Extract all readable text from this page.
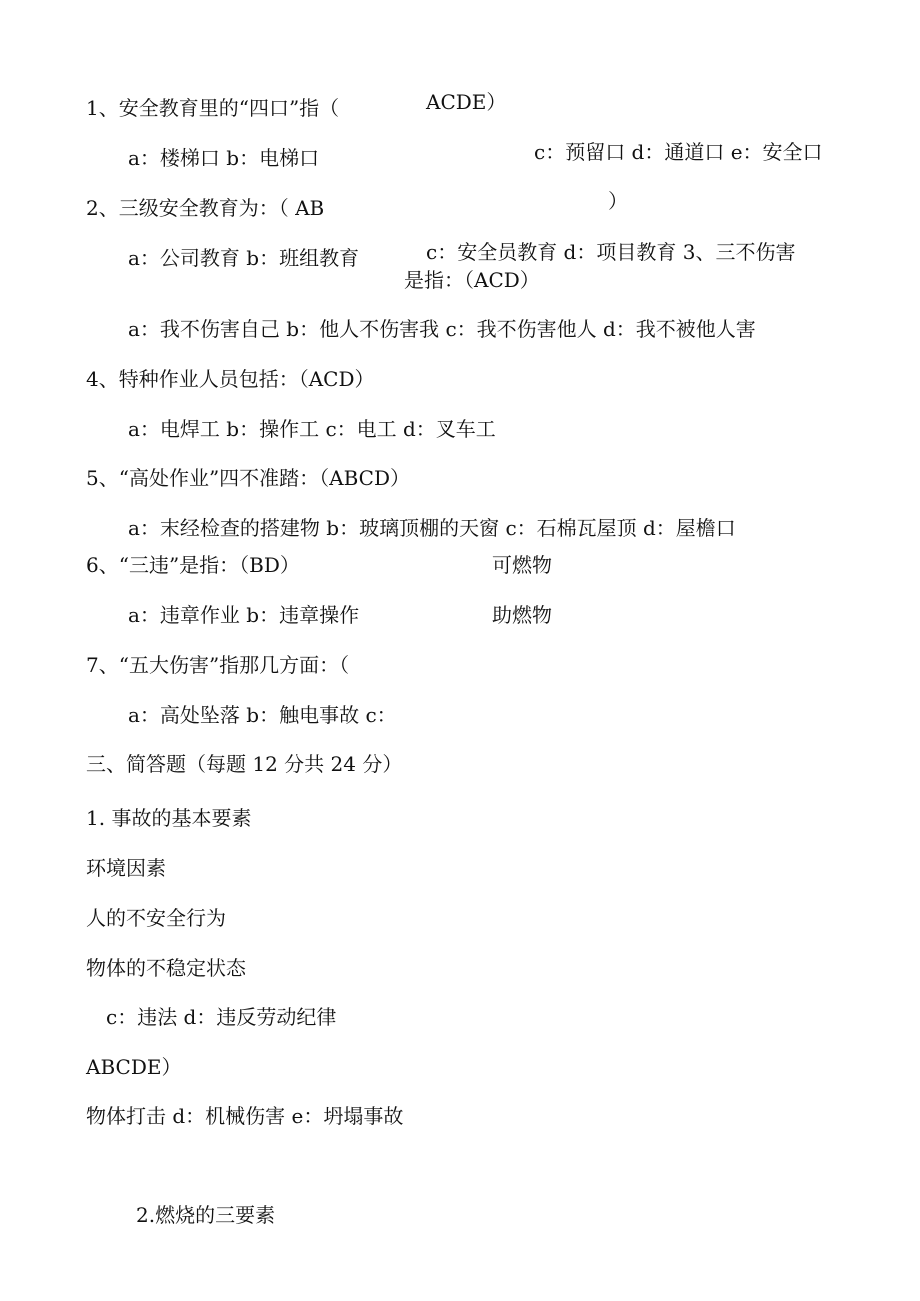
1、安全教育里的“四口”指（	ACDE）
a：楼梯口 b：电梯口	c：预留口 d：通道口 e：安全口
2、三级安全教育为：（ AB	）
a：公司教育 b：班组教育	c：安全员教育 d：项目教育 3、三不伤害
是指：（ACD）
a：我不伤害自己 b：他人不伤害我 c：我不伤害他人 d：我不被他人害
4、特种作业人员包括：（ACD）
a：电焊工 b：操作工 c：电工 d：叉车工
5、“高处作业”四不准踏：（ABCD）
a：末经检查的搭建物 b：玻璃顶棚的天窗 c：石棉瓦屋顶 d：屋檐口
6、“三违”是指：（BD）	可燃物
a：违章作业 b：违章操作	助燃物
7、“五大伤害”指那几方面：（
a：高处坠落 b：触电事故 c：
三、简答题（每题 12 分共 24 分）
1. 事故的基本要素
环境因素
人的不安全行为
物体的不稳定状态
c：违法 d：违反劳动纪律
ABCDE）
物体打击 d：机械伤害 e：坍塌事故
2.燃烧的三要素
